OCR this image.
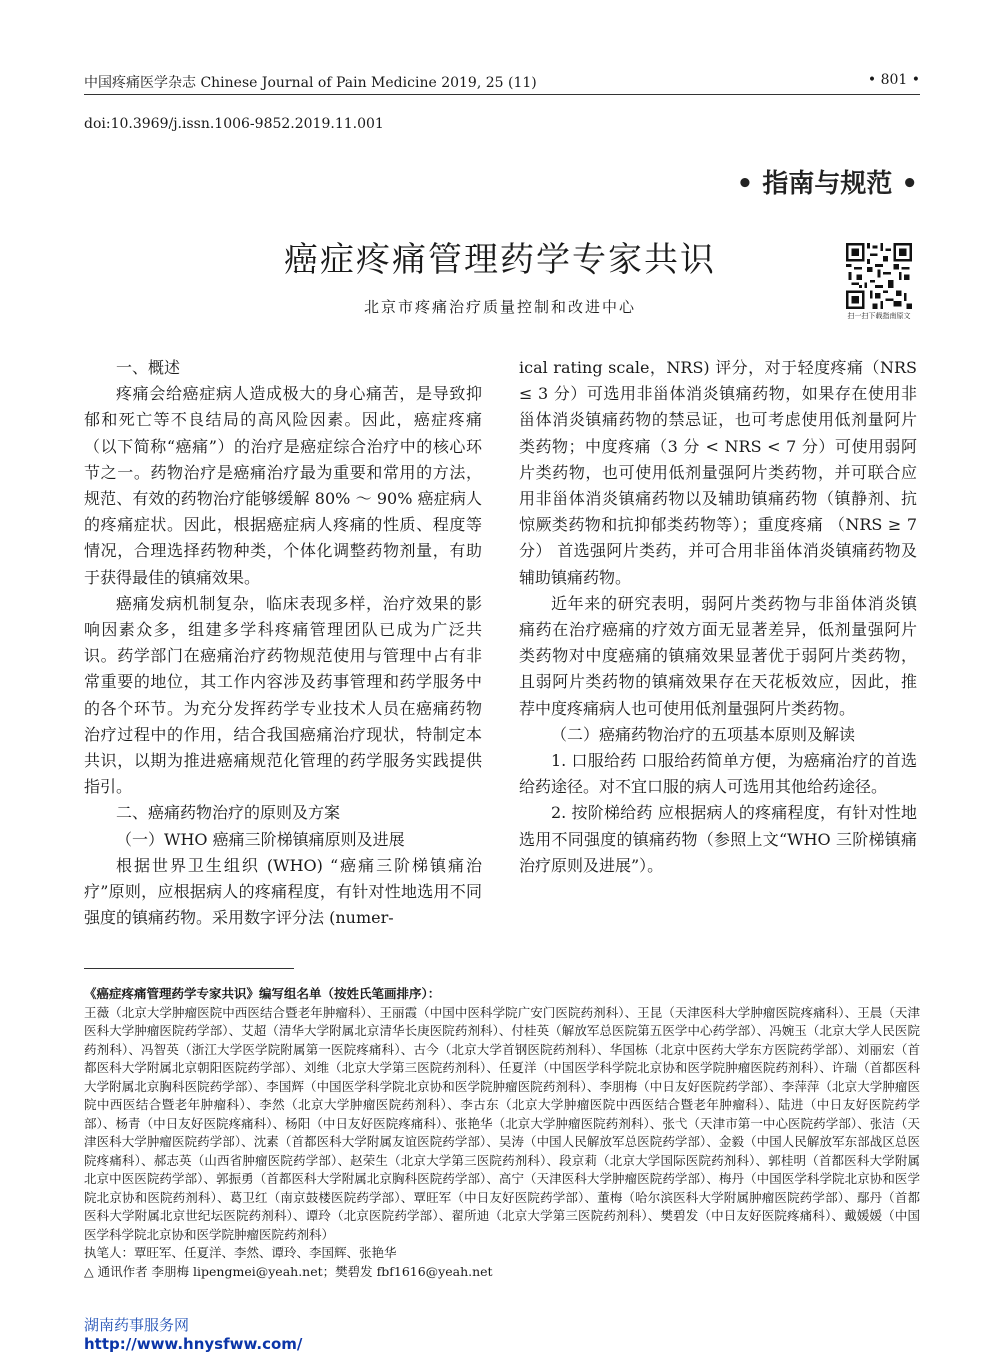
中国疼痛医学杂志 Chinese Journal of Pain Medicine 2019, 25 (11)	• 801 •
doi:10.3969/j.issn.1006-9852.2019.11.001
• 指南与规范 •
癌症疼痛管理药学专家共识
北京市疼痛治疗质量控制和改进中心	扫一扫下载指南原文

一、概述

疼痛会给癌症病人造成极大的身心痛苦，是导致抑郁和死亡等不良结局的高风险因素。因此，癌症疼痛（以下简称“癌痛”）的治疗是癌症综合治疗中的核心环节之一。药物治疗是癌痛治疗最为重要和常用的方法，规范、有效的药物治疗能够缓解 80% ～ 90% 癌症病人的疼痛症状。因此，根据癌症病人疼痛的性质、程度等情况，合理选择药物种类，个体化调整药物剂量，有助于获得最佳的镇痛效果。

癌痛发病机制复杂，临床表现多样，治疗效果的影响因素众多，组建多学科疼痛管理团队已成为广泛共识。药学部门在癌痛治疗药物规范使用与管理中占有非常重要的地位，其工作内容涉及药事管理和药学服务中的各个环节。为充分发挥药学专业技术人员在癌痛药物治疗过程中的作用，结合我国癌痛治疗现状，特制定本共识，以期为推进癌痛规范化管理的药学服务实践提供指引。

二、癌痛药物治疗的原则及方案

（一）WHO 癌痛三阶梯镇痛原则及进展

根据世界卫生组织 (WHO) “癌痛三阶梯镇痛治疗”原则，应根据病人的疼痛程度，有针对性地选用不同强度的镇痛药物。采用数字评分法 (numer-

ical rating scale，NRS) 评分，对于轻度疼痛（NRS ≤ 3 分）可选用非甾体消炎镇痛药物，如果存在使用非甾体消炎镇痛药物的禁忌证，也可考虑使用低剂量阿片类药物；中度疼痛（3 分 < NRS < 7 分）可使用弱阿片类药物，也可使用低剂量强阿片类药物，并可联合应用非甾体消炎镇痛药物以及辅助镇痛药物（镇静剂、抗惊厥类药物和抗抑郁类药物等）；重度疼痛 （NRS ≥ 7 分） 首选强阿片类药，并可合用非甾体消炎镇痛药物及辅助镇痛药物。

近年来的研究表明，弱阿片类药物与非甾体消炎镇痛药在治疗癌痛的疗效方面无显著差异，低剂量强阿片类药物对中度癌痛的镇痛效果显著优于弱阿片类药物，且弱阿片类药物的镇痛效果存在天花板效应，因此，推荐中度疼痛病人也可使用低剂量强阿片类药物。

（二）癌痛药物治疗的五项基本原则及解读

1. 口服给药 口服给药简单方便，为癌痛治疗的首选给药途径。对不宜口服的病人可选用其他给药途径。

2. 按阶梯给药 应根据病人的疼痛程度，有针对性地选用不同强度的镇痛药物（参照上文“WHO 三阶梯镇痛治疗原则及进展”）。

《癌症疼痛管理药学专家共识》编写组名单（按姓氏笔画排序）：

王薇（北京大学肿瘤医院中西医结合暨老年肿瘤科）、王丽霞（中国中医科学院广安门医院药剂科）、王昆（天津医科大学肿瘤医院疼痛科）、王晨（天津医科大学肿瘤医院药学部）、艾超（清华大学附属北京清华长庚医院药剂科）、付桂英（解放军总医院第五医学中心药学部）、冯婉玉（北京大学人民医院药剂科）、冯智英（浙江大学医学院附属第一医院疼痛科）、古今（北京大学首钢医院药剂科）、华国栋（北京中医药大学东方医院药学部）、刘丽宏（首都医科大学附属北京朝阳医院药学部）、刘维（北京大学第三医院药剂科）、任夏洋（中国医学科学院北京协和医学院肿瘤医院药剂科）、许瑞（首都医科大学附属北京胸科医院药学部）、李国辉（中国医学科学院北京协和医学院肿瘤医院药剂科）、李朋梅（中日友好医院药学部）、李萍萍（北京大学肿瘤医院中西医结合暨老年肿瘤科）、李然（北京大学肿瘤医院药剂科）、李古东（北京大学肿瘤医院中西医结合暨老年肿瘤科）、陆进（中日友好医院药学部）、杨青（中日友好医院疼痛科）、杨阳（中日友好医院疼痛科）、张艳华（北京大学肿瘤医院药剂科）、张弋（天津市第一中心医院药学部）、张洁（天津医科大学肿瘤医院药学部）、沈素（首都医科大学附属友谊医院药学部）、吴涛（中国人民解放军总医院药学部）、金毅（中国人民解放军东部战区总医院疼痛科）、郝志英（山西省肿瘤医院药学部）、赵荣生（北京大学第三医院药剂科）、段京莉（北京大学国际医院药剂科）、郭桂明（首都医科大学附属北京中医医院药学部）、郭振勇（首都医科大学附属北京胸科医院药学部）、高宁（天津医科大学肿瘤医院药学部）、梅丹（中国医学科学院北京协和医学院北京协和医院药剂科）、葛卫红（南京鼓楼医院药学部）、覃旺军（中日友好医院药学部）、董梅（哈尔滨医科大学附属肿瘤医院药学部）、鄢丹（首都医科大学附属北京世纪坛医院药剂科）、谭玲（北京医院药学部）、翟所迪（北京大学第三医院药剂科）、樊碧发（中日友好医院疼痛科）、戴媛媛（中国医学科学院北京协和医学院肿瘤医院药剂科）

执笔人：覃旺军、任夏洋、李然、谭玲、李国辉、张艳华

△ 通讯作者 李朋梅 lipengmei@yeah.net；樊碧发 fbf1616@yeah.net

湖南药事服务网
http://www.hnysfww.com/
